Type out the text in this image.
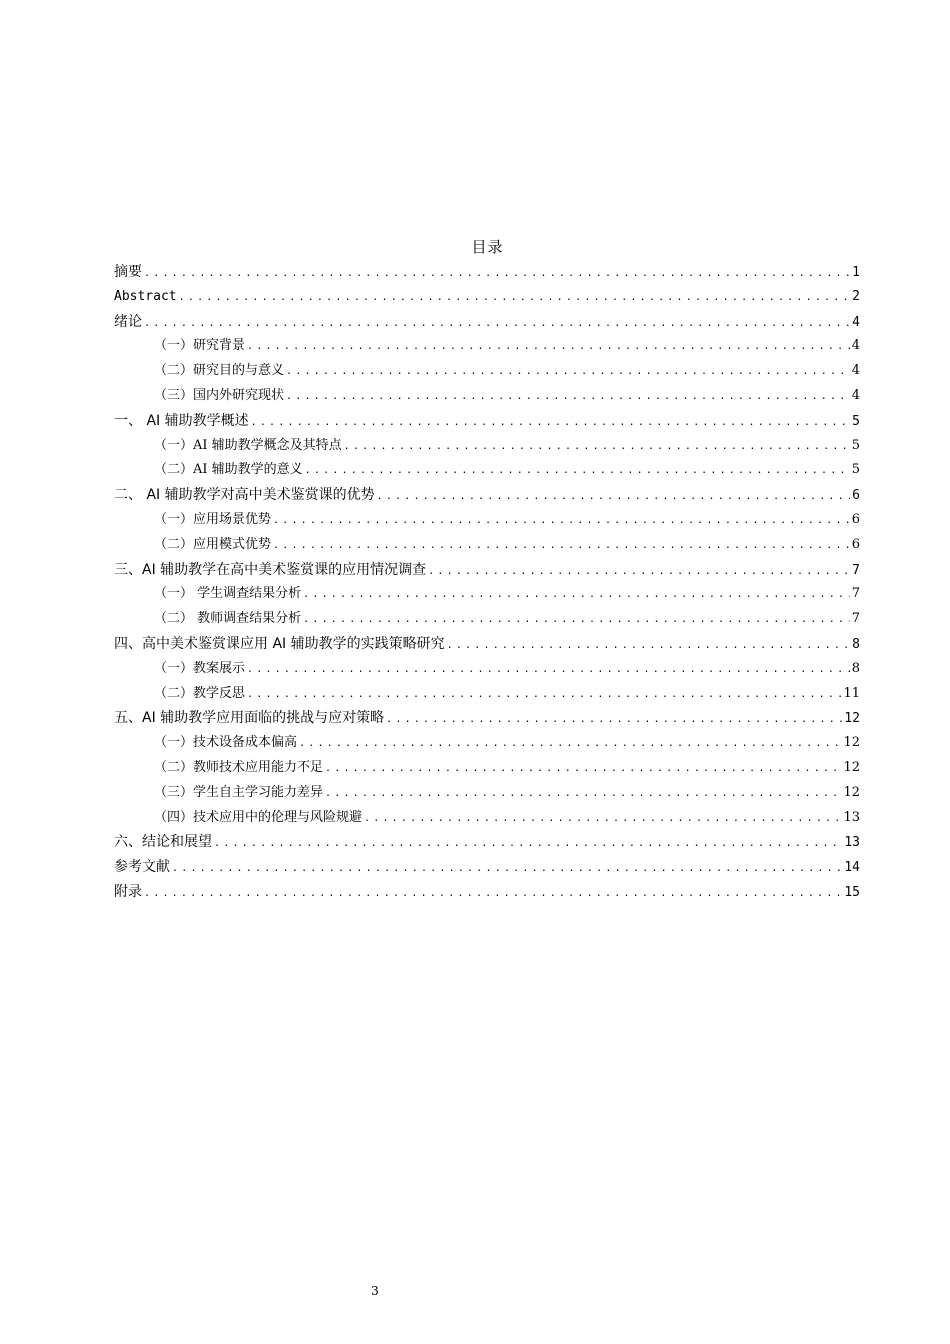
目录
摘要 .....	1
Abstract .....	2
绪论 .....	4
（一）研究背景 .....	4
（二）研究目的与意义 .....	4
（三）国内外研究现状 .....	4
一、 AI 辅助教学概述 .....	5
（一）AI 辅助教学概念及其特点 .....	5
（二）AI 辅助教学的意义 .....	5
二、 AI 辅助教学对高中美术鉴赏课的优势 .....	6
（一）应用场景优势 .....	6
（二）应用模式优势 .....	6
三、AI 辅助教学在高中美术鉴赏课的应用情况调查 .....	7
（一） 学生调查结果分析 .....	7
（二） 教师调查结果分析 .....	7
四、高中美术鉴赏课应用 AI 辅助教学的实践策略研究 .....	8
（一）教案展示 .....	8
（二）教学反思 .....	11
五、AI 辅助教学应用面临的挑战与应对策略 .....	12
（一）技术设备成本偏高 .....	12
（二）教师技术应用能力不足 .....	12
（三）学生自主学习能力差异 .....	12
（四）技术应用中的伦理与风险规避 .....	13
六、结论和展望 .....	13
参考文献 .....	14
附录 .....	15
3
